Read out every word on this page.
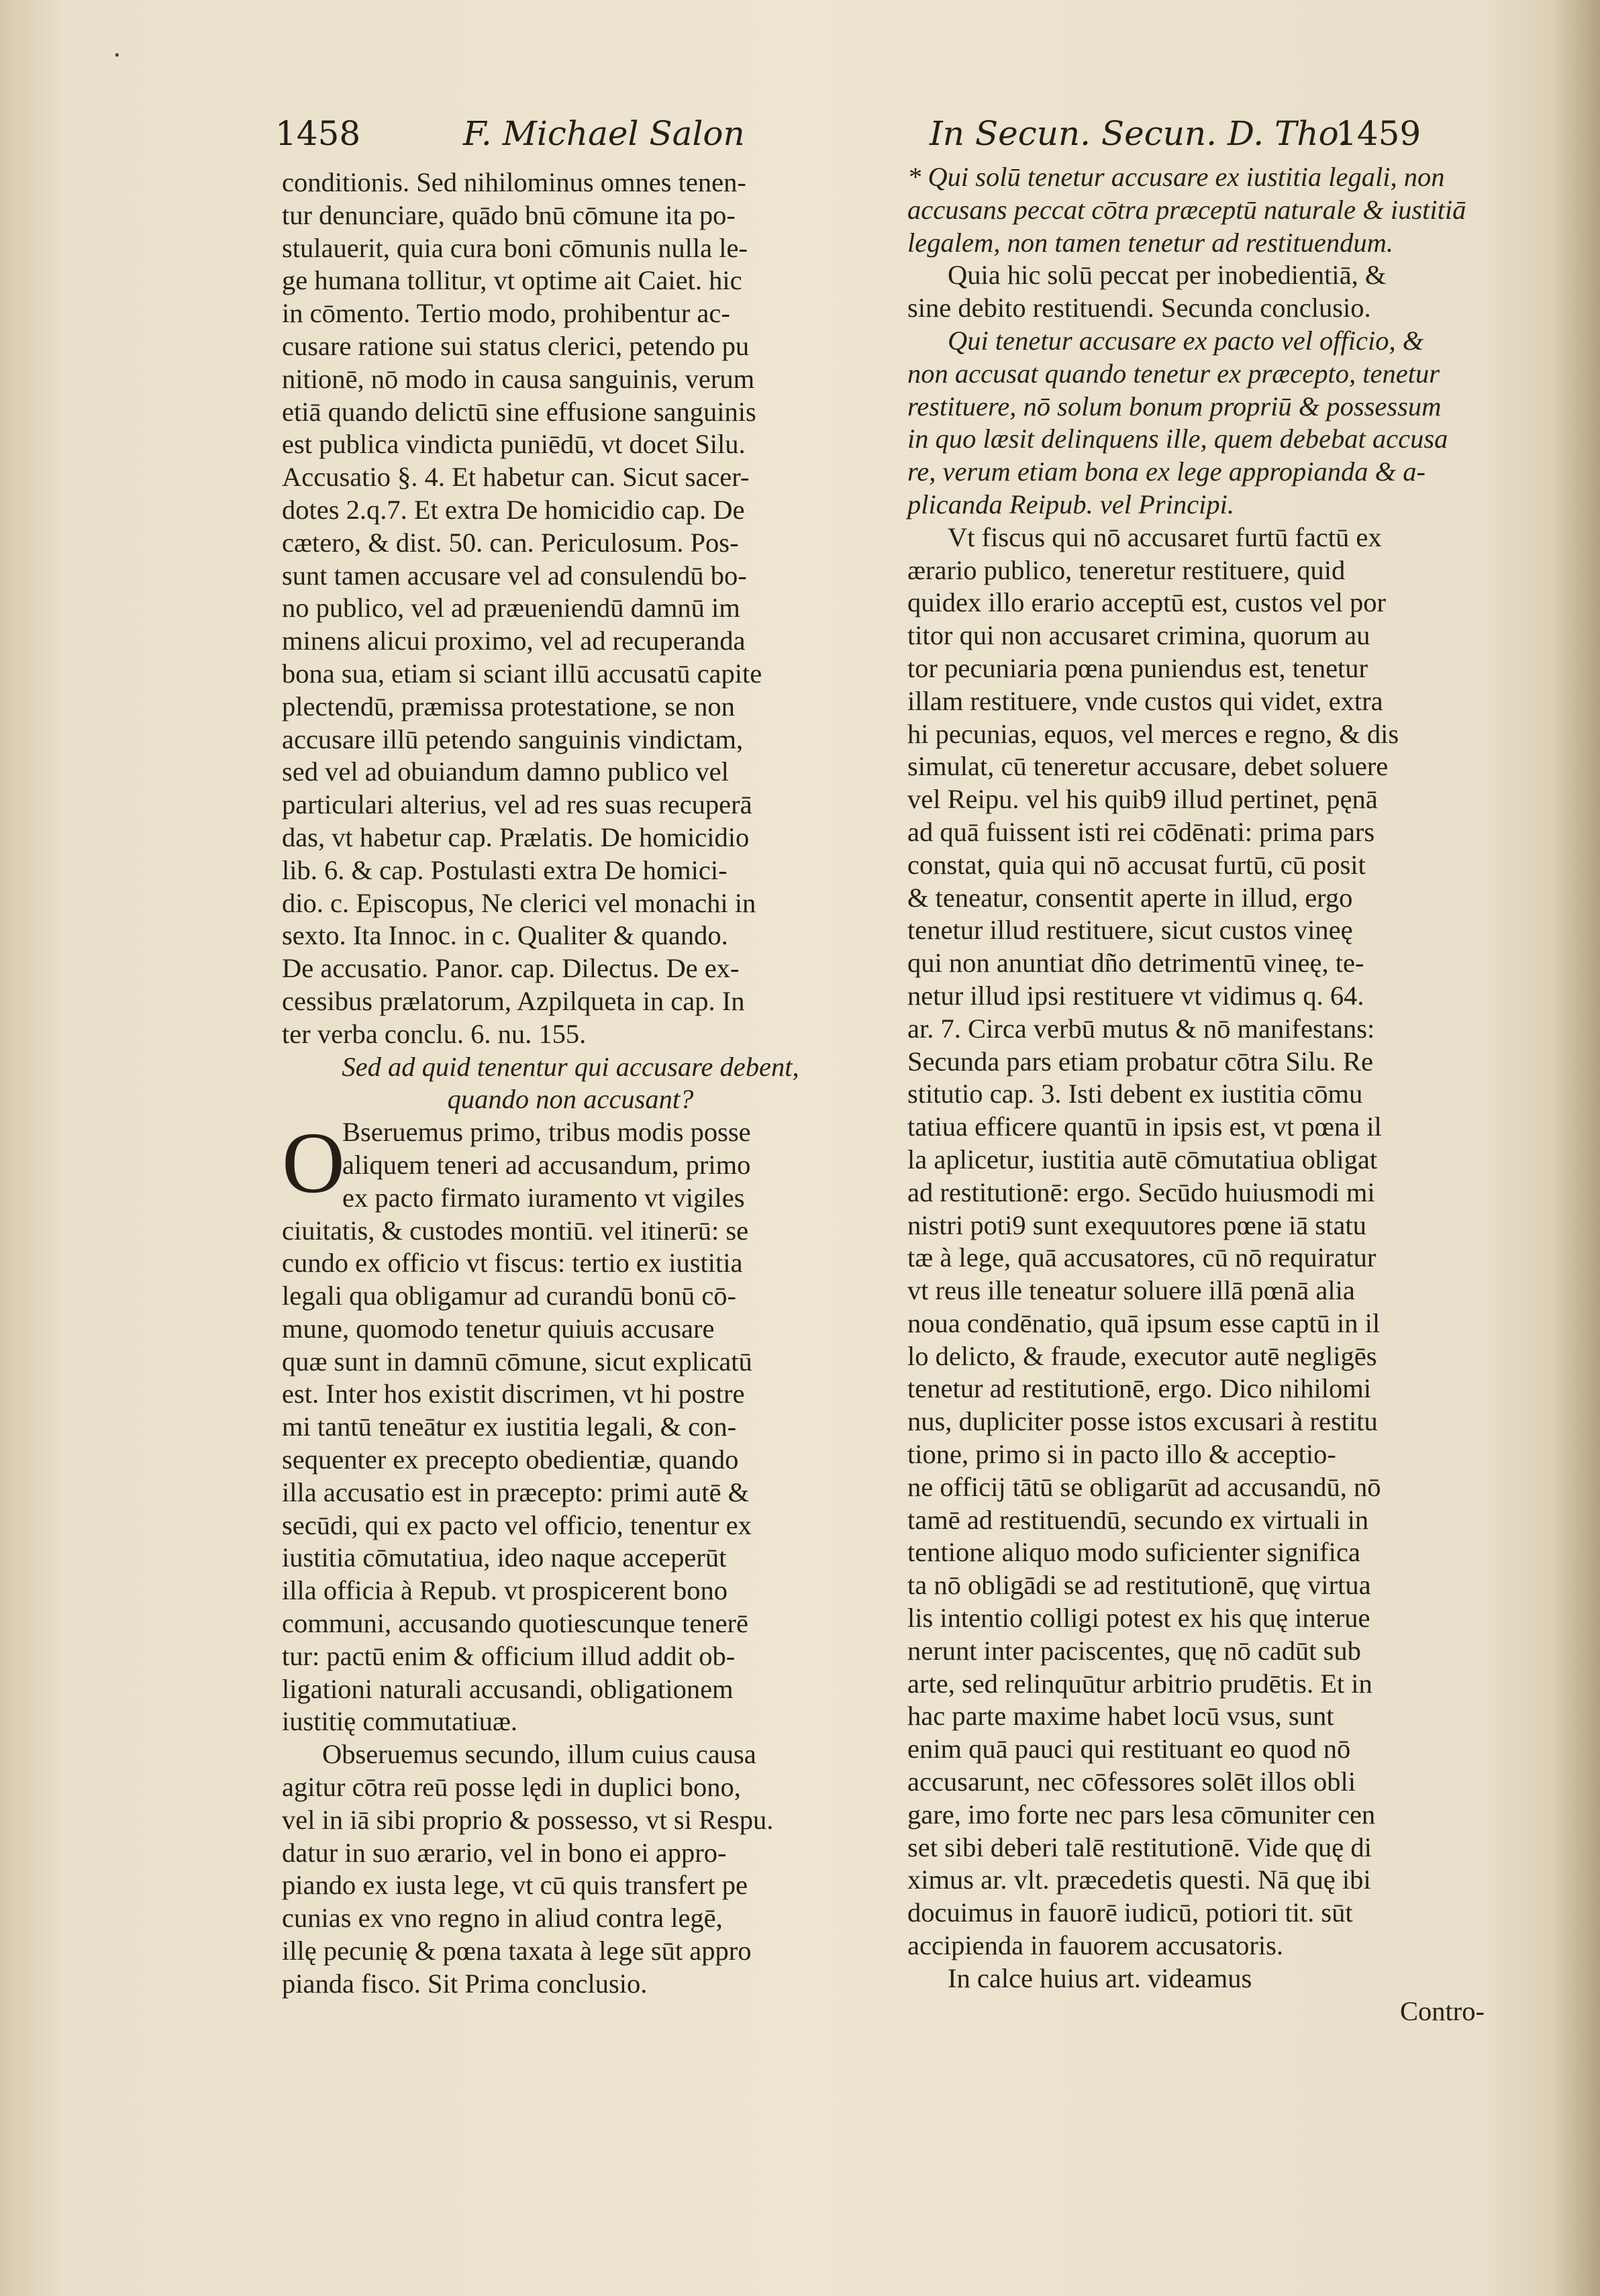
·
1458	F. Michael Salon	In Secun. Secun. D. Tho.
1459
conditionis. Sed nihilominus omnes tenen-
tur denunciare, quādo bnū cōmune ita po-
stulauerit, quia cura boni cōmunis nulla le-
ge humana tollitur, vt optime ait Caiet. hic
in cōmento. Tertio modo, prohibentur ac-
cusare ratione sui status clerici, petendo pu
nitionē, nō modo in causa sanguinis, verum
etiā quando delictū sine effusione sanguinis
est publica vindicta puniēdū, vt docet Silu.
Accusatio §. 4. Et habetur can. Sicut sacer-
dotes 2.q.7. Et extra De homicidio cap. De
cætero, & dist. 50. can. Periculosum. Pos-
sunt tamen accusare vel ad consulendū bo-
no publico, vel ad præueniendū damnū im
minens alicui proximo, vel ad recuperanda
bona sua, etiam si sciant illū accusatū capite
plectendū, præmissa protestatione, se non
accusare illū petendo sanguinis vindictam,
sed vel ad obuiandum damno publico vel
particulari alterius, vel ad res suas recuperā
das, vt habetur cap. Prælatis. De homicidio
lib. 6. & cap. Postulasti extra De homici-
dio. c. Episcopus, Ne clerici vel monachi in
sexto. Ita Innoc. in c. Qualiter & quando.
De accusatio. Panor. cap. Dilectus. De ex-
cessibus prælatorum, Azpilqueta in cap. In
ter verba conclu. 6. nu. 155.
Sed ad quid tenentur qui accusare debent,
quando non accusant?
O
Bseruemus primo, tribus modis posse
aliquem teneri ad accusandum, primo
ex pacto firmato iuramento vt vigiles
ciuitatis, & custodes montiū. vel itinerū: se
cundo ex officio vt fiscus: tertio ex iustitia
legali qua obligamur ad curandū bonū cō-
mune, quomodo tenetur quiuis accusare
quæ sunt in damnū cōmune, sicut explicatū
est. Inter hos existit discrimen, vt hi postre
mi tantū teneātur ex iustitia legali, & con-
sequenter ex precepto obedientiæ, quando
illa accusatio est in præcepto: primi autē &
secūdi, qui ex pacto vel officio, tenentur ex
iustitia cōmutatiua, ideo naque acceperūt
illa officia à Repub. vt prospicerent bono
communi, accusando quotiescunque tenerē
tur: pactū enim & officium illud addit ob-
ligationi naturali accusandi, obligationem
iustitię commutatiuæ.
Obseruemus secundo, illum cuius causa
agitur cōtra reū posse lędi in duplici bono,
vel in iā sibi proprio & possesso, vt si Respu.
datur in suo ærario, vel in bono ei appro-
piando ex iusta lege, vt cū quis transfert pe
cunias ex vno regno in aliud contra legē,
illę pecunię & pœna taxata à lege sūt appro
pianda fisco. Sit Prima conclusio.
* Qui solū tenetur accusare ex iustitia legali, non
accusans peccat cōtra præceptū naturale & iustitiā
legalem, non tamen tenetur ad restituendum.
Quia hic solū peccat per inobedientiā, &
sine debito restituendi. Secunda conclusio.
Qui tenetur accusare ex pacto vel officio, &
non accusat quando tenetur ex præcepto, tenetur
restituere, nō solum bonum propriū & possessum
in quo læsit delinquens ille, quem debebat accusa
re, verum etiam bona ex lege appropianda & a-
plicanda Reipub. vel Principi.
Vt fiscus qui nō accusaret furtū factū ex
ærario publico, teneretur restituere, quid
quidex illo erario acceptū est, custos vel por
titor qui non accusaret crimina, quorum au
tor pecuniaria pœna puniendus est, tenetur
illam restituere, vnde custos qui videt, extra
hi pecunias, equos, vel merces e regno, & dis
simulat, cū teneretur accusare, debet soluere
vel Reipu. vel his quib9 illud pertinet, pęnā
ad quā fuissent isti rei cōdēnati: prima pars
constat, quia qui nō accusat furtū, cū posit
& teneatur, consentit aperte in illud, ergo
tenetur illud restituere, sicut custos vineę
qui non anuntiat dño detrimentū vineę, te-
netur illud ipsi restituere vt vidimus q. 64.
ar. 7. Circa verbū mutus & nō manifestans:
Secunda pars etiam probatur cōtra Silu. Re
stitutio cap. 3. Isti debent ex iustitia cōmu
tatiua efficere quantū in ipsis est, vt pœna il
la aplicetur, iustitia autē cōmutatiua obligat
ad restitutionē: ergo. Secūdo huiusmodi mi
nistri poti9 sunt exequutores pœne iā statu
tæ à lege, quā accusatores, cū nō requiratur
vt reus ille teneatur soluere illā pœnā alia
noua condēnatio, quā ipsum esse captū in il
lo delicto, & fraude, executor autē negligēs
tenetur ad restitutionē, ergo. Dico nihilomi
nus, dupliciter posse istos excusari à restitu
tione, primo si in pacto illo & acceptio-
ne officij tātū se obligarūt ad accusandū, nō
tamē ad restituendū, secundo ex virtuali in
tentione aliquo modo suficienter significa
ta nō obligādi se ad restitutionē, quę virtua
lis intentio colligi potest ex his quę interue
nerunt inter paciscentes, quę nō cadūt sub
arte, sed relinquūtur arbitrio prudētis. Et in
hac parte maxime habet locū vsus, sunt
enim quā pauci qui restituant eo quod nō
accusarunt, nec cōfessores solēt illos obli
gare, imo forte nec pars lesa cōmuniter cen
set sibi deberi talē restitutionē. Vide quę di
ximus ar. vlt. præcedetis questi. Nā quę ibi
docuimus in fauorē iudicū, potiori tit. sūt
accipienda in fauorem accusatoris.
In calce huius art. videamus
Contro-
